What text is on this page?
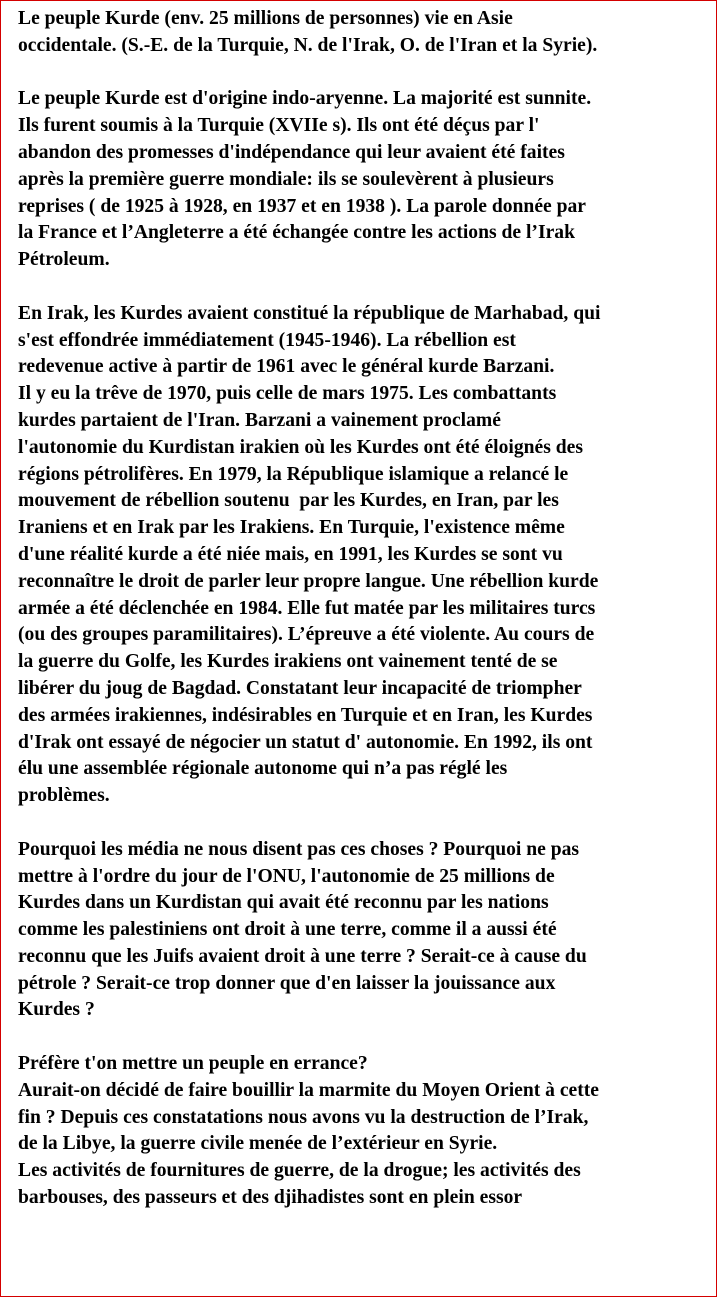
Le peuple Kurde (env. 25 millions de personnes) vie en Asie
occidentale. (S.-E. de la Turquie, N. de l'Irak, O. de l'Iran et la Syrie).
Le peuple Kurde est d'origine indo-aryenne. La majorité est sunnite.
Ils furent soumis à la Turquie (XVIIe s). Ils ont été déçus par l'
abandon des promesses d'indépendance qui leur avaient été faites
après la première guerre mondiale: ils se soulevèrent à plusieurs
reprises ( de 1925 à 1928, en 1937 et en 1938 ). La parole donnée par
la France et l’Angleterre a été échangée contre les actions de l’Irak
Pétroleum.
En Irak, les Kurdes avaient constitué la république de Marhabad, qui
s'est effondrée immédiatement (1945-1946). La rébellion est
redevenue active à partir de 1961 avec le général kurde Barzani.
Il y eu la trêve de 1970, puis celle de mars 1975. Les combattants
kurdes partaient de l'Iran. Barzani a vainement proclamé
l'autonomie du Kurdistan irakien où les Kurdes ont été éloignés des
régions pétrolifères. En 1979, la République islamique a relancé le
mouvement de rébellion soutenu  par les Kurdes, en Iran, par les
Iraniens et en Irak par les Irakiens. En Turquie, l'existence même
d'une réalité kurde a été niée mais, en 1991, les Kurdes se sont vu
reconnaître le droit de parler leur propre langue. Une rébellion kurde
armée a été déclenchée en 1984. Elle fut matée par les militaires turcs
(ou des groupes paramilitaires). L’épreuve a été violente. Au cours de
la guerre du Golfe, les Kurdes irakiens ont vainement tenté de se
libérer du joug de Bagdad. Constatant leur incapacité de triompher
des armées irakiennes, indésirables en Turquie et en Iran, les Kurdes
d'Irak ont essayé de négocier un statut d' autonomie. En 1992, ils ont
élu une assemblée régionale autonome qui n’a pas réglé les
problèmes.
Pourquoi les média ne nous disent pas ces choses ? Pourquoi ne pas
mettre à l'ordre du jour de l'ONU, l'autonomie de 25 millions de
Kurdes dans un Kurdistan qui avait été reconnu par les nations
comme les palestiniens ont droit à une terre, comme il a aussi été
reconnu que les Juifs avaient droit à une terre ? Serait-ce à cause du
pétrole ? Serait-ce trop donner que d'en laisser la jouissance aux
Kurdes ?
Préfère t'on mettre un peuple en errance?
Aurait-on décidé de faire bouillir la marmite du Moyen Orient à cette
fin ? Depuis ces constatations nous avons vu la destruction de l’Irak,
de la Libye, la guerre civile menée de l’extérieur en Syrie.
Les activités de fournitures de guerre, de la drogue; les activités des
barbouses, des passeurs et des djihadistes sont en plein essor
